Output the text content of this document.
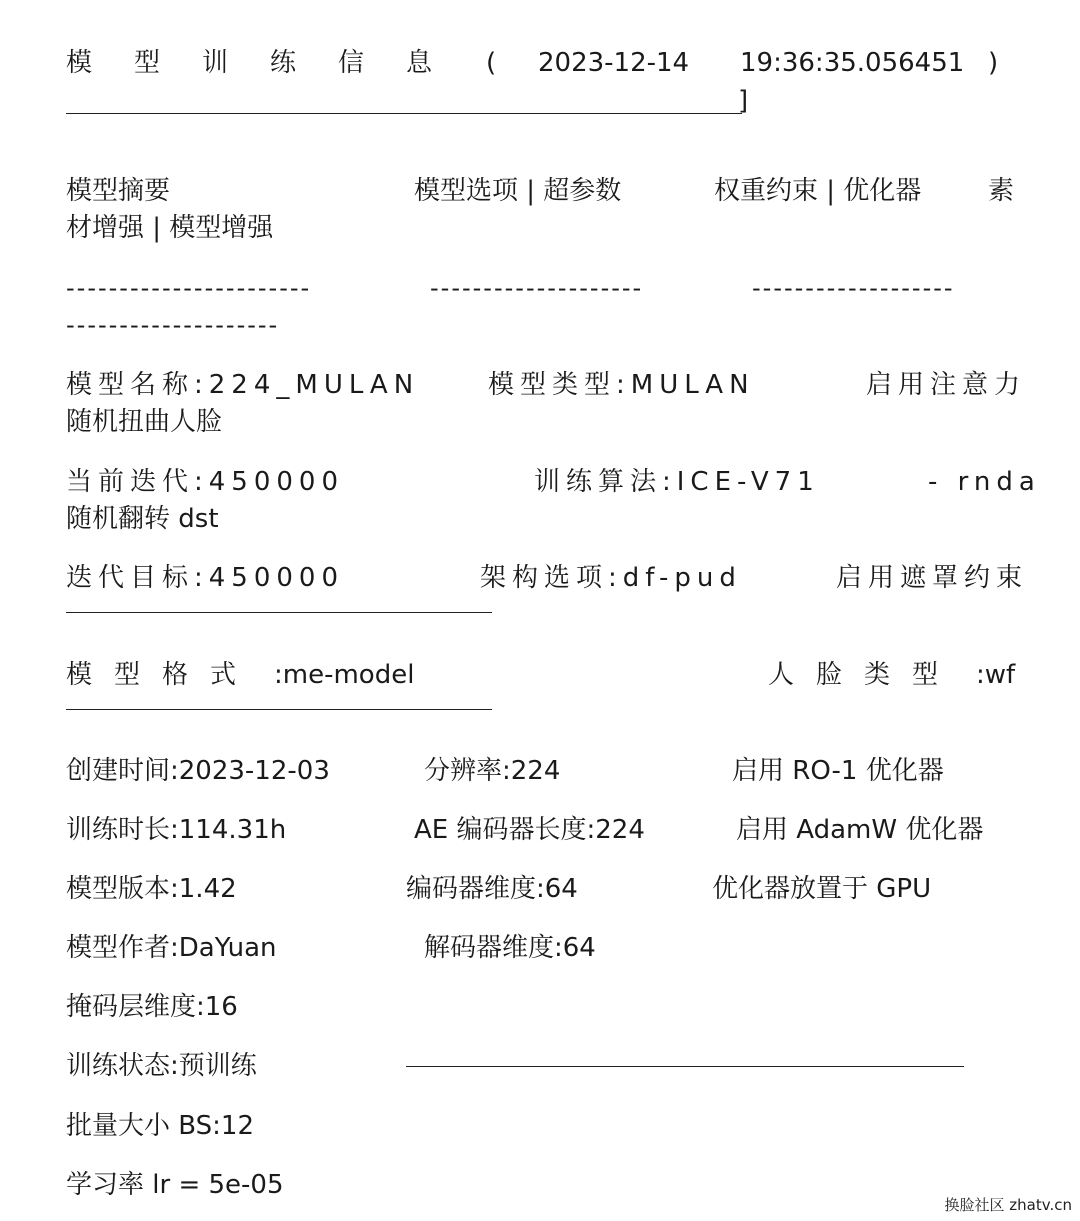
模 型 训 练 信 息	( 2023-12-14 19:36:35.056451 )
]
模型摘要	模型选项 | 超参数	权重约束 | 优化器	素
材增强 | 模型增强
-----------------------	--------------------	-------------------
--------------------
模型名称:224_MULAN	模型类型:MULAN	启用注意力
随机扭曲人脸
当前迭代:450000	训练算法:ICE-V71	- rnda
随机翻转 dst
迭代目标:450000	架构选项:df-pud	启用遮罩约束
模型格式 :me-model	人脸类型 :wf
创建时间:2023-12-03	分辨率:224	启用 RO-1 优化器
训练时长:114.31h	AE 编码器长度:224	启用 AdamW 优化器
模型版本:1.42	编码器维度:64	优化器放置于 GPU
模型作者:DaYuan	解码器维度:64
掩码层维度:16
训练状态:预训练
批量大小 BS:12
学习率 lr = 5e-05
换脸社区 zhatv.cn
